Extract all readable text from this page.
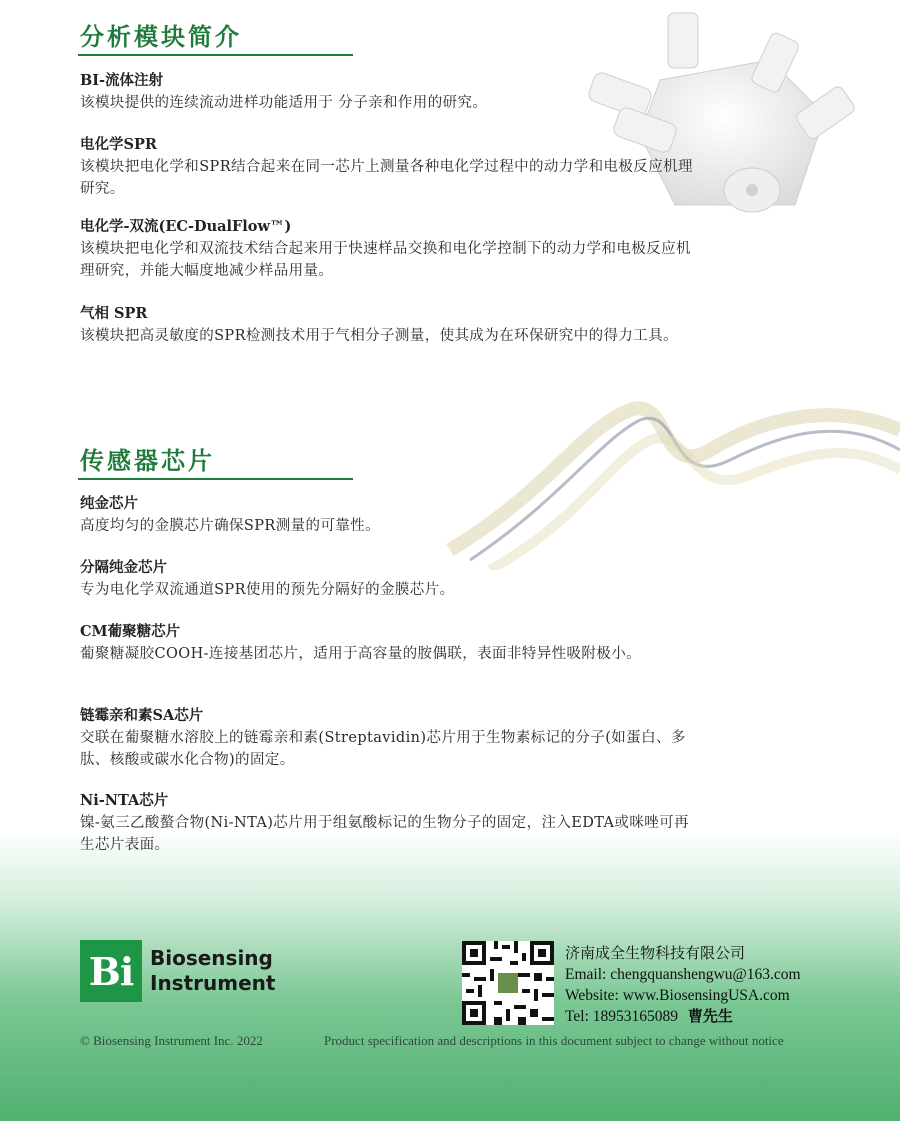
分析模块简介
BI-流体注射
该模块提供的连续流动进样功能适用于 分子亲和作用的研究。
电化学SPR
该模块把电化学和SPR结合起来在同一芯片上测量各种电化学过程中的动力学和电极反应机理研究。
电化学-双流(EC-DualFlow™)
该模块把电化学和双流技术结合起来用于快速样品交换和电化学控制下的动力学和电极反应机理研究，并能大幅度地减少样品用量。
气相 SPR
该模块把高灵敏度的SPR检测技术用于气相分子测量，使其成为在环保研究中的得力工具。
传感器芯片
纯金芯片
高度均匀的金膜芯片确保SPR测量的可靠性。
分隔纯金芯片
专为电化学双流通道SPR使用的预先分隔好的金膜芯片。
CM葡聚糖芯片
葡聚糖凝胶COOH-连接基团芯片，适用于高容量的胺偶联，表面非特异性吸附极小。
链霉亲和素SA芯片
交联在葡聚糖水溶胶上的链霉亲和素(Streptavidin)芯片用于生物素标记的分子(如蛋白、多肽、核酸或碳水化合物)的固定。
Ni-NTA芯片
镍-氨三乙酸螯合物(Ni-NTA)芯片用于组氨酸标记的生物分子的固定，注入EDTA或咪唑可再生芯片表面。
Bi Biosensing
Instrument
济南成全生物科技有限公司
Email: chengquanshengwu@163.com
Website: www.BiosensingUSA.com
Tel: 18953165089 曹先生
© Biosensing Instrument Inc. 2022	Product specification and descriptions in this document subject to change without notice
